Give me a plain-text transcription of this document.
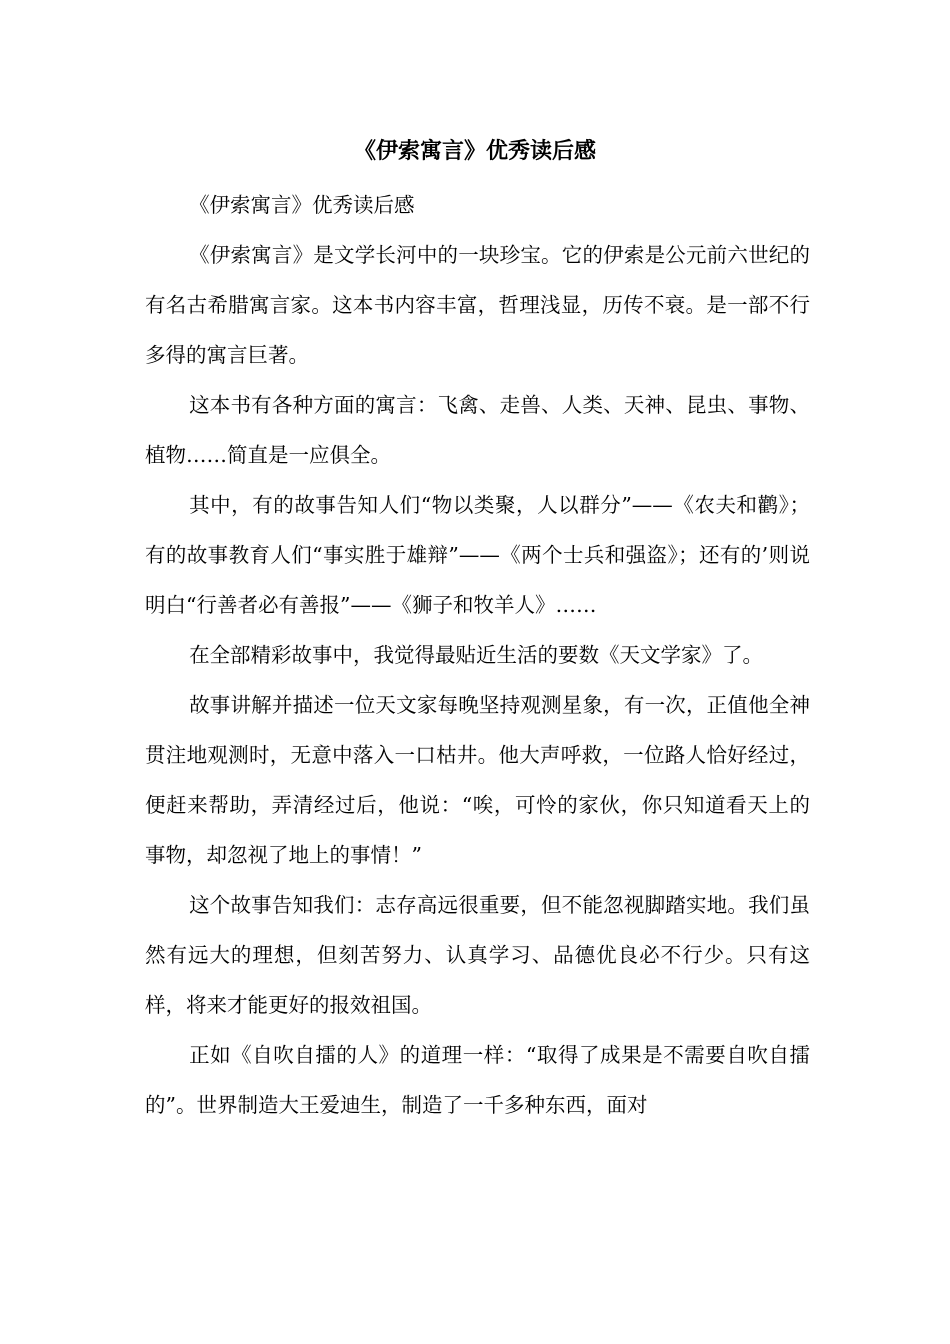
《伊索寓言》优秀读后感

《伊索寓言》优秀读后感

《伊索寓言》是文学长河中的一块珍宝。它的伊索是公元前六世纪的有名古希腊寓言家。这本书内容丰富，哲理浅显，历传不衰。是一部不行多得的寓言巨著。

这本书有各种方面的寓言：飞禽、走兽、人类、天神、昆虫、事物、植物……简直是一应俱全。

其中，有的故事告知人们“物以类聚，人以群分”——《农夫和鹳》；有的故事教育人们“事实胜于雄辩”——《两个士兵和强盗》；还有的’则说明白“行善者必有善报”——《狮子和牧羊人》……

在全部精彩故事中，我觉得最贴近生活的要数《天文学家》了。

故事讲解并描述一位天文家每晚坚持观测星象，有一次，正值他全神贯注地观测时，无意中落入一口枯井。他大声呼救，一位路人恰好经过，便赶来帮助，弄清经过后，他说：“唉，可怜的家伙，你只知道看天上的事物，却忽视了地上的事情！”

这个故事告知我们：志存高远很重要，但不能忽视脚踏实地。我们虽然有远大的理想，但刻苦努力、认真学习、品德优良必不行少。只有这样，将来才能更好的报效祖国。

正如《自吹自擂的人》的道理一样：“取得了成果是不需要自吹自擂的”。世界制造大王爱迪生，制造了一千多种东西，面对
